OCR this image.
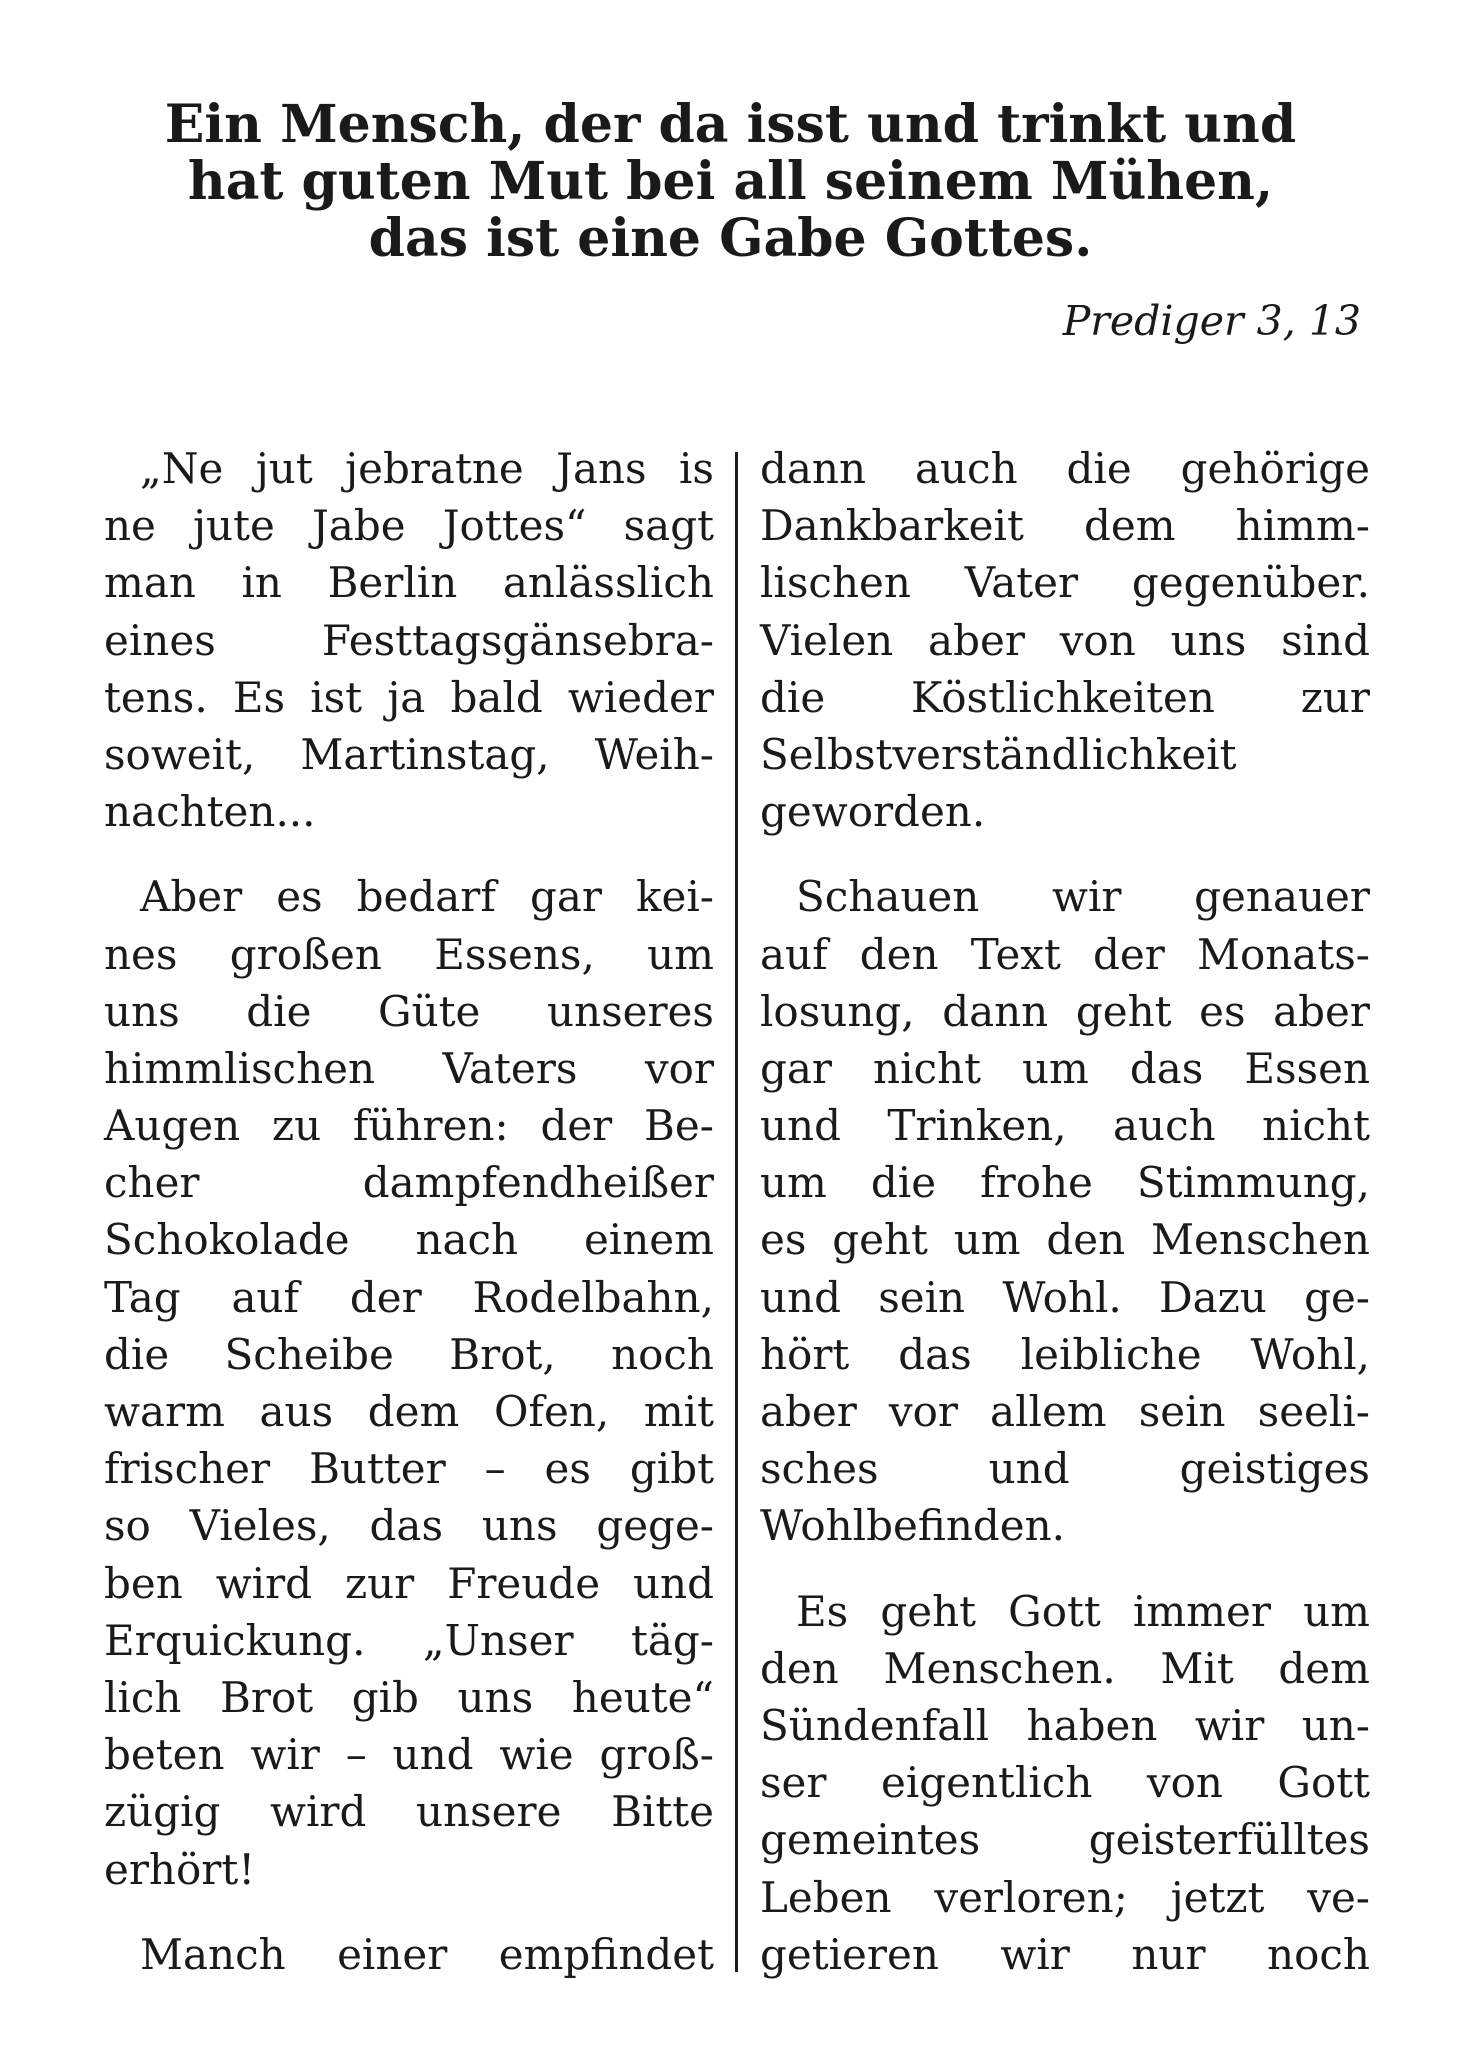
Ein Mensch, der da isst und trinkt und
hat guten Mut bei all seinem Mühen,
das ist eine Gabe Gottes.

Prediger 3, 13

„Ne jut jebratne Jans is
ne jute Jabe Jottes“ sagt
man in Berlin anlässlich
eines	Festtagsgänsebra-
tens. Es ist ja bald wieder
soweit, Martinstag, Weih-
nachten...
Aber es bedarf gar kei-
nes großen Essens, um
uns die Güte unseres
himmlischen Vaters vor
Augen zu führen: der Be-
cher	dampfendheißer
Schokolade nach einem
Tag auf der Rodelbahn,
die Scheibe Brot, noch
warm aus dem Ofen, mit
frischer Butter – es gibt
so Vieles, das uns gege-
ben wird zur Freude und
Erquickung. „Unser täg-
lich Brot gib uns heute“
beten wir – und wie groß-
zügig wird unsere Bitte
erhört!
Manch einer empfindet
dann auch die gehörige
Dankbarkeit dem himm-
lischen Vater gegenüber.
Vielen aber von uns sind
die Köstlichkeiten zur
Selbstverständlichkeit
geworden.
Schauen wir genauer
auf den Text der Monats-
losung, dann geht es aber
gar nicht um das Essen
und Trinken, auch nicht
um die frohe Stimmung,
es geht um den Menschen
und sein Wohl. Dazu ge-
hört das leibliche Wohl,
aber vor allem sein seeli-
sches	und	geistiges
Wohlbefinden.
Es geht Gott immer um
den Menschen. Mit dem
Sündenfall haben wir un-
ser eigentlich von Gott
gemeintes	geisterfülltes
Leben verloren; jetzt ve-
getieren wir nur noch
